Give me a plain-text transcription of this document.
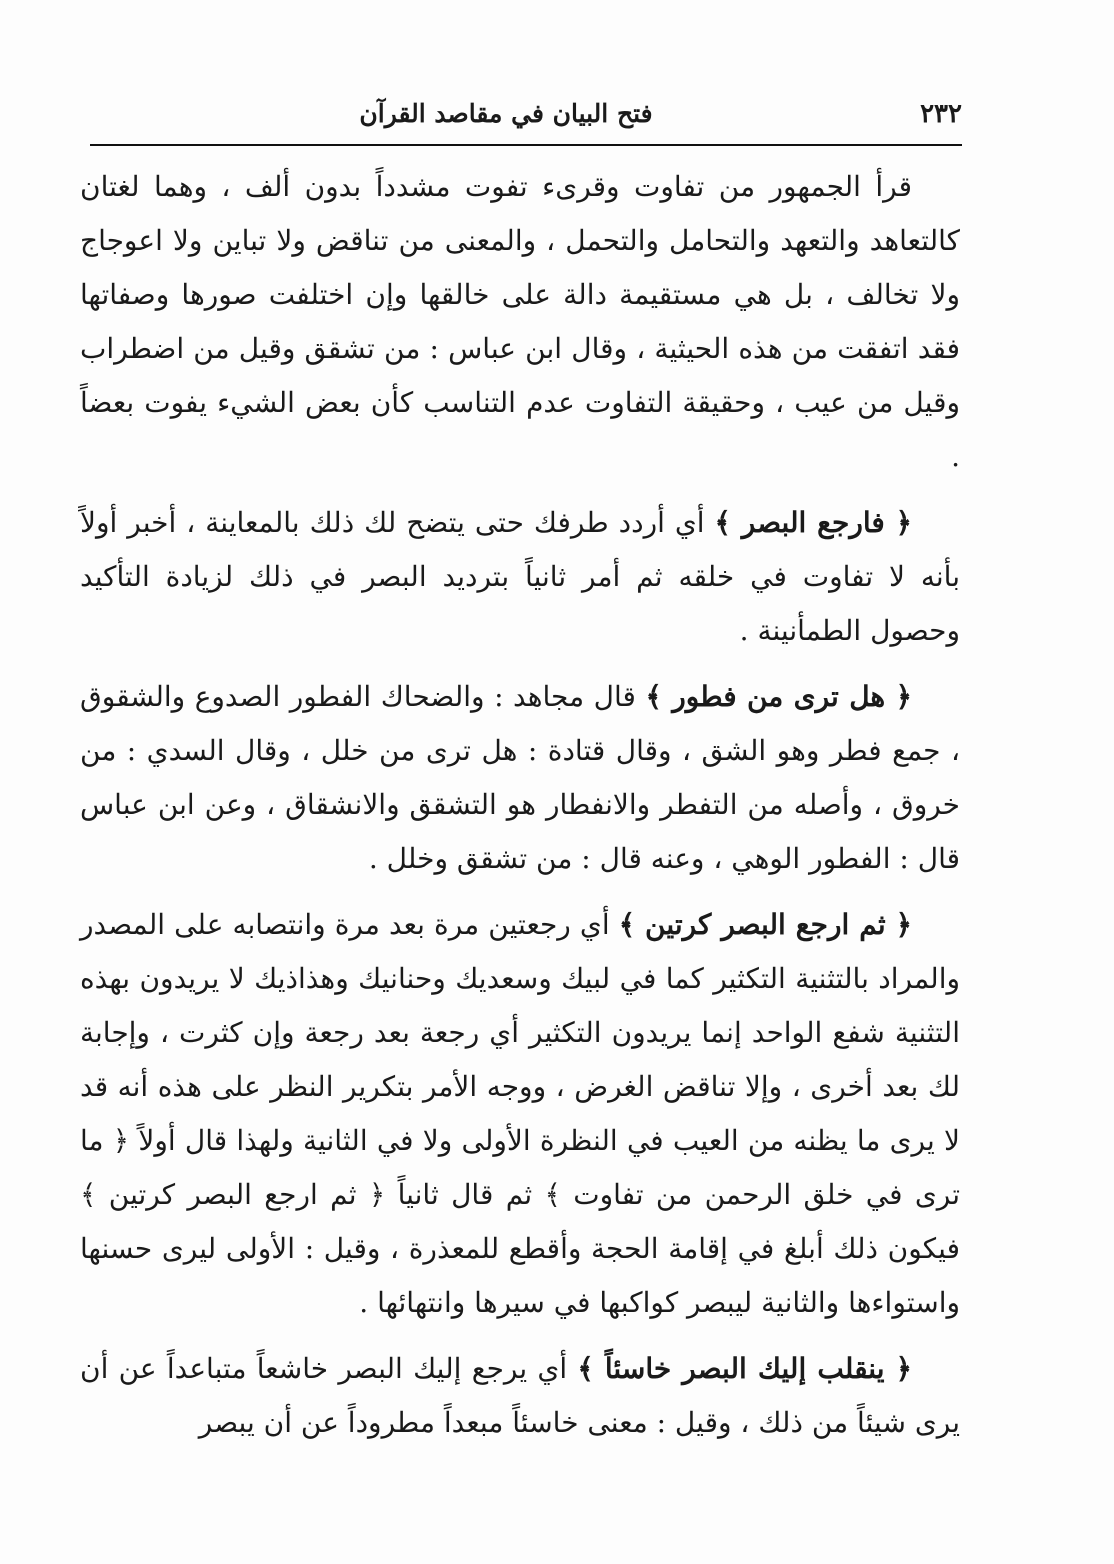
٢٣٢
فتح البيان في مقاصد القرآن

قرأ الجمهور من تفاوت وقرىء تفوت مشدداً بدون ألف ، وهما لغتان كالتعاهد والتعهد والتحامل والتحمل ، والمعنى من تناقض ولا تباين ولا اعوجاج ولا تخالف ، بل هي مستقيمة دالة على خالقها وإن اختلفت صورها وصفاتها فقد اتفقت من هذه الحيثية ، وقال ابن عباس : من تشقق وقيل من اضطراب وقيل من عيب ، وحقيقة التفاوت عدم التناسب كأن بعض الشيء يفوت بعضاً .

﴿ فارجع البصر ﴾ أي أردد طرفك حتى يتضح لك ذلك بالمعاينة ، أخبر أولاً بأنه لا تفاوت في خلقه ثم أمر ثانياً بترديد البصر في ذلك لزيادة التأكيد وحصول الطمأنينة .

﴿ هل ترى من فطور ﴾ قال مجاهد : والضحاك الفطور الصدوع والشقوق ، جمع فطر وهو الشق ، وقال قتادة : هل ترى من خلل ، وقال السدي : من خروق ، وأصله من التفطر والانفطار هو التشقق والانشقاق ، وعن ابن عباس قال : الفطور الوهي ، وعنه قال : من تشقق وخلل .

﴿ ثم ارجع البصر كرتين ﴾ أي رجعتين مرة بعد مرة وانتصابه على المصدر والمراد بالتثنية التكثير كما في لبيك وسعديك وحنانيك وهذاذيك لا يريدون بهذه التثنية شفع الواحد إنما يريدون التكثير أي رجعة بعد رجعة وإن كثرت ، وإجابة لك بعد أخرى ، وإلا تناقض الغرض ، ووجه الأمر بتكرير النظر على هذه أنه قد لا يرى ما يظنه من العيب في النظرة الأولى ولا في الثانية ولهذا قال أولاً ﴿ ما ترى في خلق الرحمن من تفاوت ﴾ ثم قال ثانياً ﴿ ثم ارجع البصر كرتين ﴾ فيكون ذلك أبلغ في إقامة الحجة وأقطع للمعذرة ، وقيل : الأولى ليرى حسنها واستواءها والثانية ليبصر كواكبها في سيرها وانتهائها .

﴿ ينقلب إليك البصر خاسئاً ﴾ أي يرجع إليك البصر خاشعاً متباعداً عن أن يرى شيئاً من ذلك ، وقيل : معنى خاسئاً مبعداً مطروداً عن أن يبصر
